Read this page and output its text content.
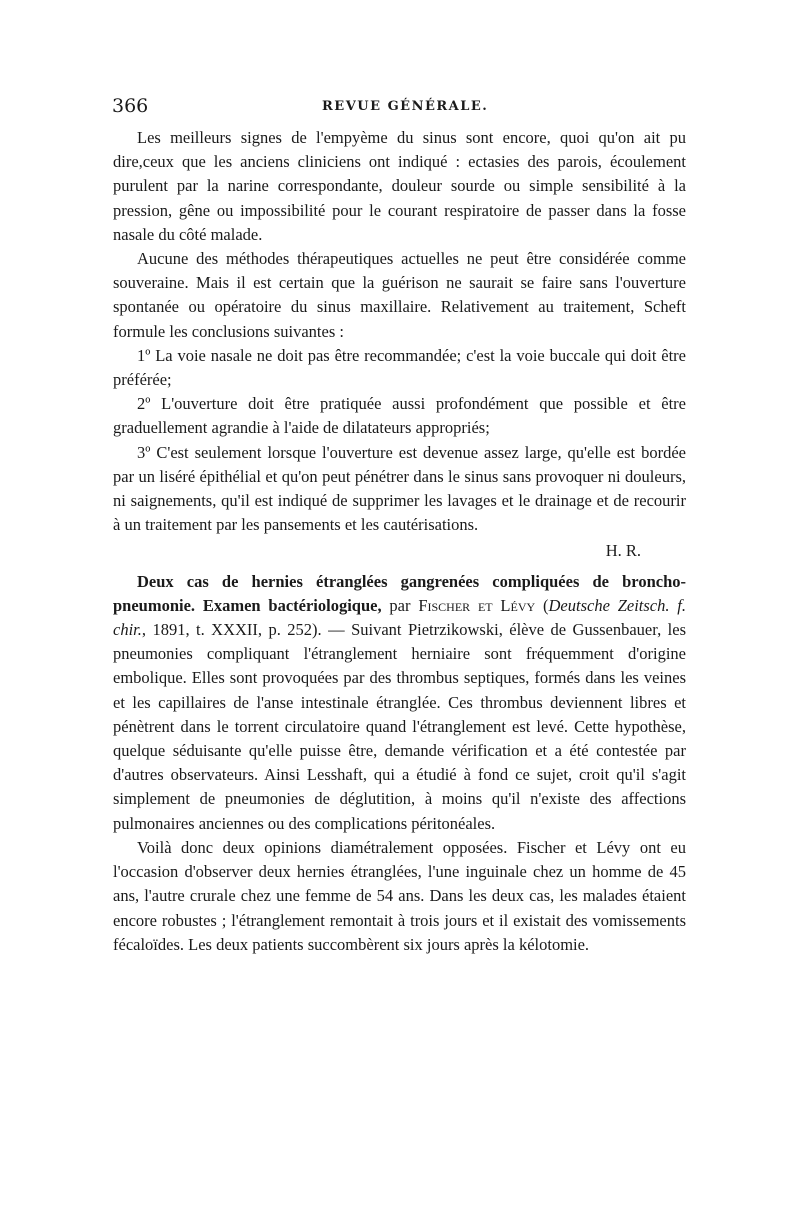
366	REVUE GÉNÉRALE.

Les meilleurs signes de l'empyème du sinus sont encore, quoi qu'on ait pu dire,ceux que les anciens cliniciens ont indiqué : ectasies des parois, écoulement purulent par la narine correspondante, douleur sourde ou simple sensibilité à la pression, gêne ou impossibilité pour le courant respiratoire de passer dans la fosse nasale du côté malade.

Aucune des méthodes thérapeutiques actuelles ne peut être considérée comme souveraine. Mais il est certain que la guérison ne saurait se faire sans l'ouverture spontanée ou opératoire du sinus maxillaire. Relativement au traitement, Scheft formule les conclusions suivantes :

1º La voie nasale ne doit pas être recommandée; c'est la voie buccale qui doit être préférée;

2º L'ouverture doit être pratiquée aussi profondément que possible et être graduellement agrandie à l'aide de dilatateurs appropriés;

3º C'est seulement lorsque l'ouverture est devenue assez large, qu'elle est bordée par un liséré épithélial et qu'on peut pénétrer dans le sinus sans provoquer ni douleurs, ni saignements, qu'il est indiqué de supprimer les lavages et le drainage et de recourir à un traitement par les pansements et les cautérisations.

H. R.

Deux cas de hernies étranglées gangrenées compliquées de broncho-pneumonie. Examen bactériologique, par Fischer et Lévy (Deutsche Zeitsch. f. chir., 1891, t. XXXII, p. 252). — Suivant Pietrzikowski, élève de Gussenbauer, les pneumonies compliquant l'étranglement herniaire sont fréquemment d'origine embolique. Elles sont provoquées par des thrombus septiques, formés dans les veines et les capillaires de l'anse intestinale étranglée. Ces thrombus deviennent libres et pénètrent dans le torrent circulatoire quand l'étranglement est levé. Cette hypothèse, quelque séduisante qu'elle puisse être, demande vérification et a été contestée par d'autres observateurs. Ainsi Lesshaft, qui a étudié à fond ce sujet, croit qu'il s'agit simplement de pneumonies de déglutition, à moins qu'il n'existe des affections pulmonaires anciennes ou des complications péritonéales.

Voilà donc deux opinions diamétralement opposées. Fischer et Lévy ont eu l'occasion d'observer deux hernies étranglées, l'une inguinale chez un homme de 45 ans, l'autre crurale chez une femme de 54 ans. Dans les deux cas, les malades étaient encore robustes ; l'étranglement remontait à trois jours et il existait des vomissements fécaloïdes. Les deux patients succombèrent six jours après la kélotomie.
